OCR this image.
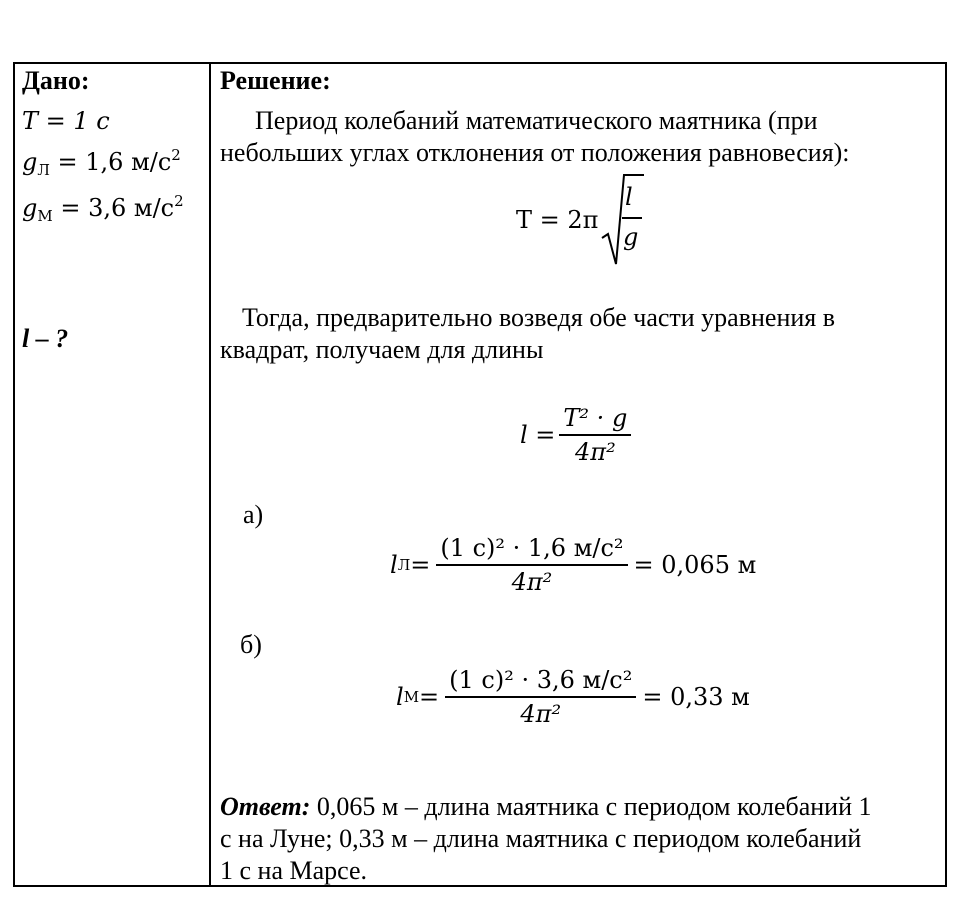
Дано:
T = 1 с
$g_Л = 1,6$ $м/с^2$
$g_М = 3,6$ $м/с^2$
l – ?
Решение:
Период колебаний математического маятника (при
небольших углах отклонения от положения равновесия):
T = 2π
l
g
Тогда, предварительно возведя обе части уравнения в
квадрат, получаем для длины
$l = \frac{\text{T² · g}}{\text{4π²}}$
а)
l $Л = \frac{\text{(1 с)² · 1,6 м/с²}}{\text{4π²}} = 0,065$ м
б)
l $М = \frac{\text{(1 с)² · 3,6 м/с²}}{\text{4π²}} = 0,33$ м
Ответ: 0,065 м – длина маятника с периодом колебаний 1
с на Луне; 0,33 м – длина маятника с периодом колебаний
1 с на Марсе.
